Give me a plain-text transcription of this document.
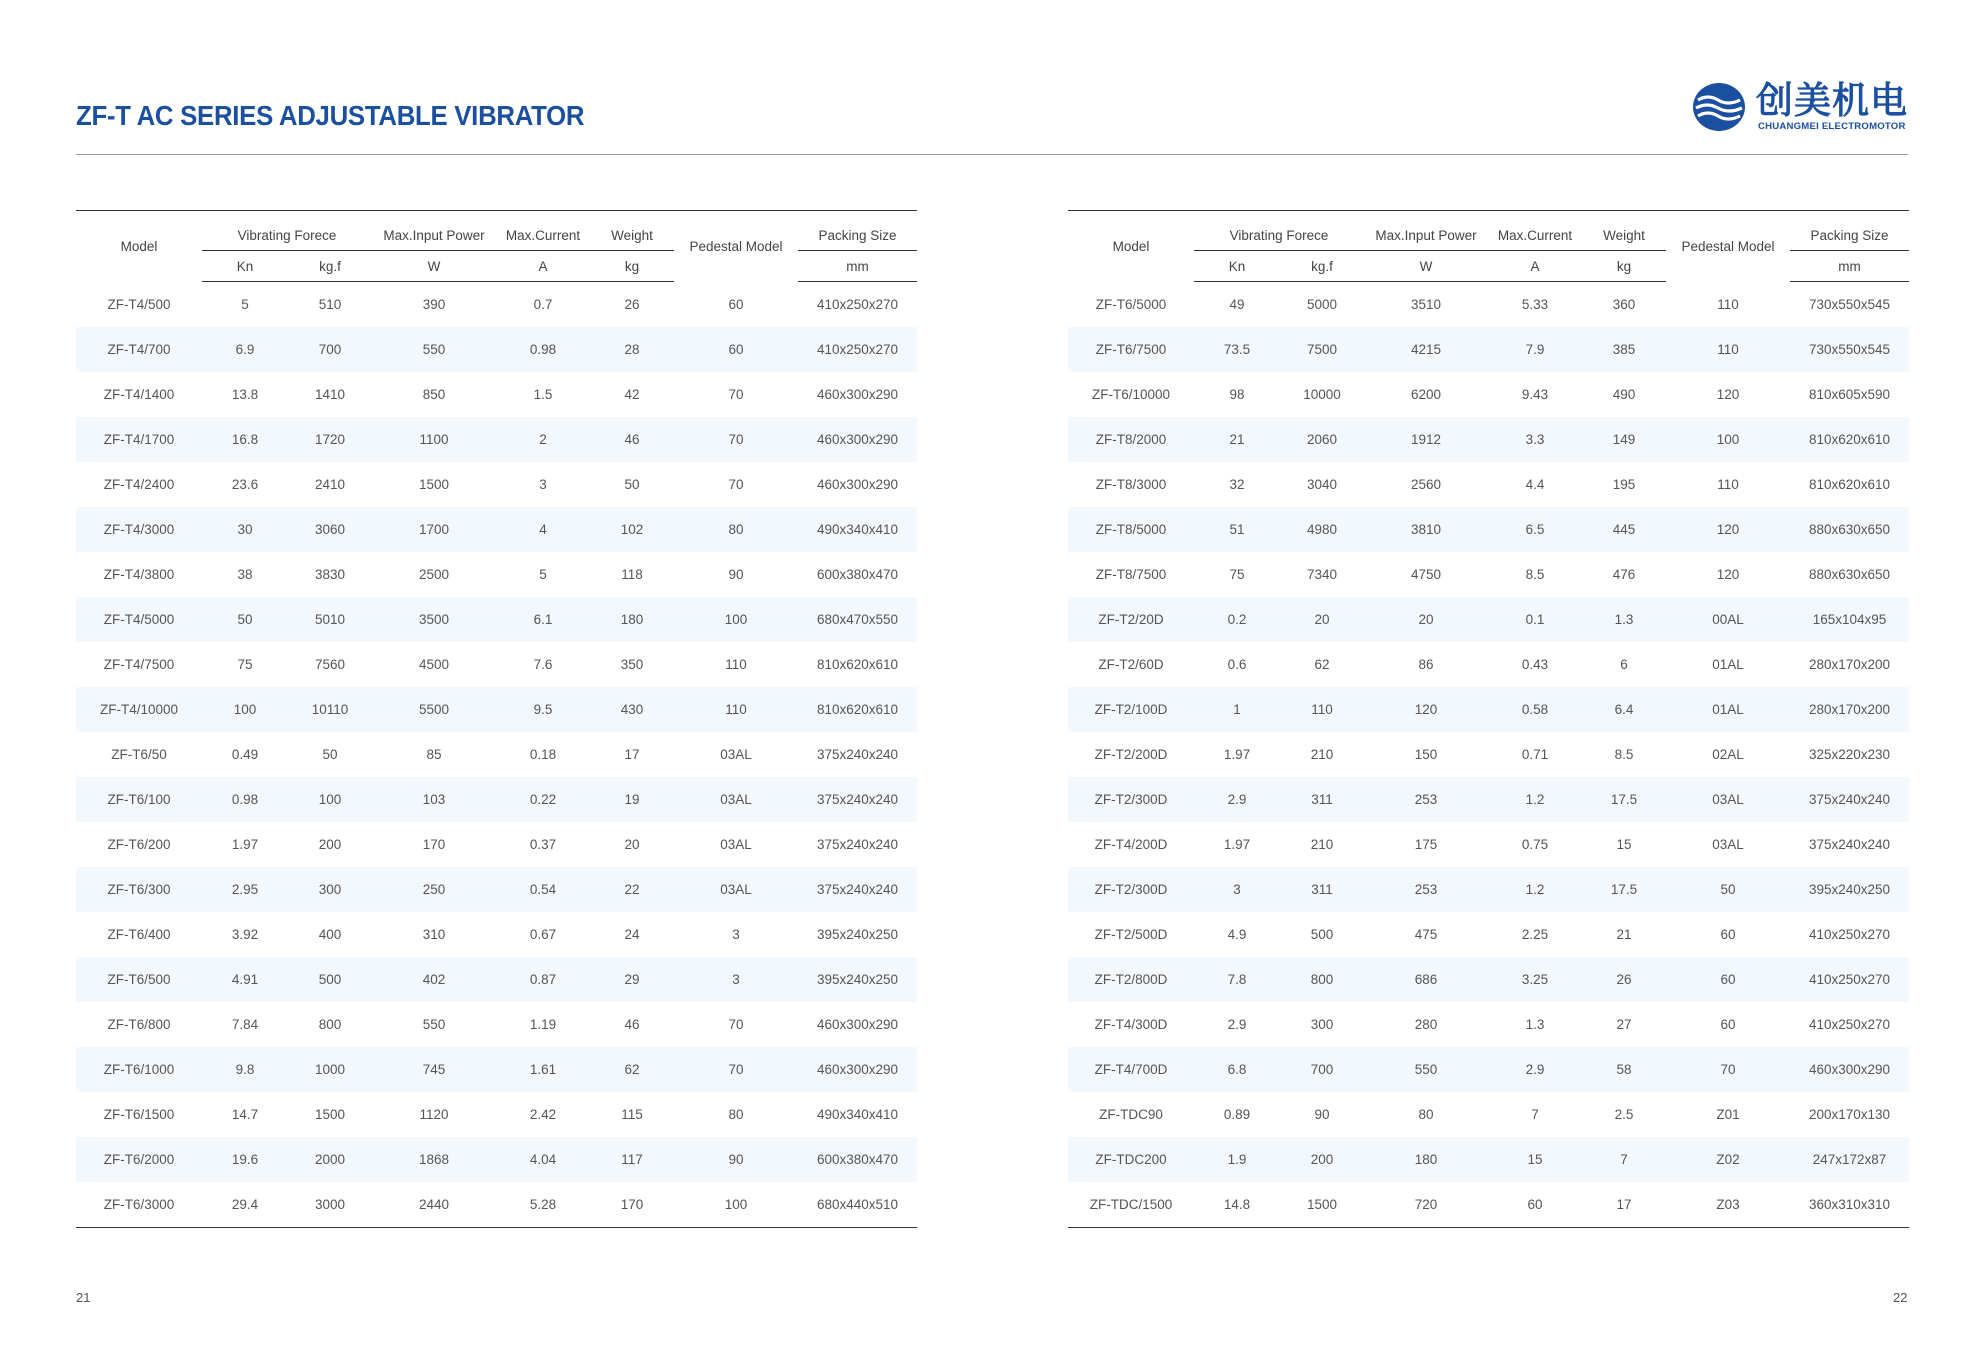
ZF-T AC SERIES ADJUSTABLE VIBRATOR	创美机电
CHUANGMEI ELECTROMOTOR
Model	Vibrating Forece		Max.Input Power	Max.Current	Weight	Pedestal Model	Packing Size

	Kn	kg.f	W	A	kg		mm
ZF-T4/500	5	510	390	0.7	26	60	410x250x270
ZF-T4/700	6.9	700	550	0.98	28	60	410x250x270
ZF-T4/1400	13.8	1410	850	1.5	42	70	460x300x290
ZF-T4/1700	16.8	1720	1100	2	46	70	460x300x290
ZF-T4/2400	23.6	2410	1500	3	50	70	460x300x290
ZF-T4/3000	30	3060	1700	4	102	80	490x340x410
ZF-T4/3800	38	3830	2500	5	118	90	600x380x470
ZF-T4/5000	50	5010	3500	6.1	180	100	680x470x550
ZF-T4/7500	75	7560	4500	7.6	350	110	810x620x610
ZF-T4/10000	100	10110	5500	9.5	430	110	810x620x610
ZF-T6/50	0.49	50	85	0.18	17	03AL	375x240x240
ZF-T6/100	0.98	100	103	0.22	19	03AL	375x240x240
ZF-T6/200	1.97	200	170	0.37	20	03AL	375x240x240
ZF-T6/300	2.95	300	250	0.54	22	03AL	375x240x240
ZF-T6/400	3.92	400	310	0.67	24	3	395x240x250
ZF-T6/500	4.91	500	402	0.87	29	3	395x240x250
ZF-T6/800	7.84	800	550	1.19	46	70	460x300x290
ZF-T6/1000	9.8	1000	745	1.61	62	70	460x300x290
ZF-T6/1500	14.7	1500	1120	2.42	115	80	490x340x410
ZF-T6/2000	19.6	2000	1868	4.04	117	90	600x380x470
ZF-T6/3000	29.4	3000	2440	5.28	170	100	680x440x510
Model	Vibrating Forece		Max.Input Power	Max.Current	Weight	Pedestal Model	Packing Size

	Kn	kg.f	W	A	kg		mm
ZF-T6/5000	49	5000	3510	5.33	360	110	730x550x545
ZF-T6/7500	73.5	7500	4215	7.9	385	110	730x550x545
ZF-T6/10000	98	10000	6200	9.43	490	120	810x605x590
ZF-T8/2000	21	2060	1912	3.3	149	100	810x620x610
ZF-T8/3000	32	3040	2560	4.4	195	110	810x620x610
ZF-T8/5000	51	4980	3810	6.5	445	120	880x630x650
ZF-T8/7500	75	7340	4750	8.5	476	120	880x630x650
ZF-T2/20D	0.2	20	20	0.1	1.3	00AL	165x104x95
ZF-T2/60D	0.6	62	86	0.43	6	01AL	280x170x200
ZF-T2/100D	1	110	120	0.58	6.4	01AL	280x170x200
ZF-T2/200D	1.97	210	150	0.71	8.5	02AL	325x220x230
ZF-T2/300D	2.9	311	253	1.2	17.5	03AL	375x240x240
ZF-T4/200D	1.97	210	175	0.75	15	03AL	375x240x240
ZF-T2/300D	3	311	253	1.2	17.5	50	395x240x250
ZF-T2/500D	4.9	500	475	2.25	21	60	410x250x270
ZF-T2/800D	7.8	800	686	3.25	26	60	410x250x270
ZF-T4/300D	2.9	300	280	1.3	27	60	410x250x270
ZF-T4/700D	6.8	700	550	2.9	58	70	460x300x290
ZF-TDC90	0.89	90	80	7	2.5	Z01	200x170x130
ZF-TDC200	1.9	200	180	15	7	Z02	247x172x87
ZF-TDC/1500	14.8	1500	720	60	17	Z03	360x310x310
21	22
